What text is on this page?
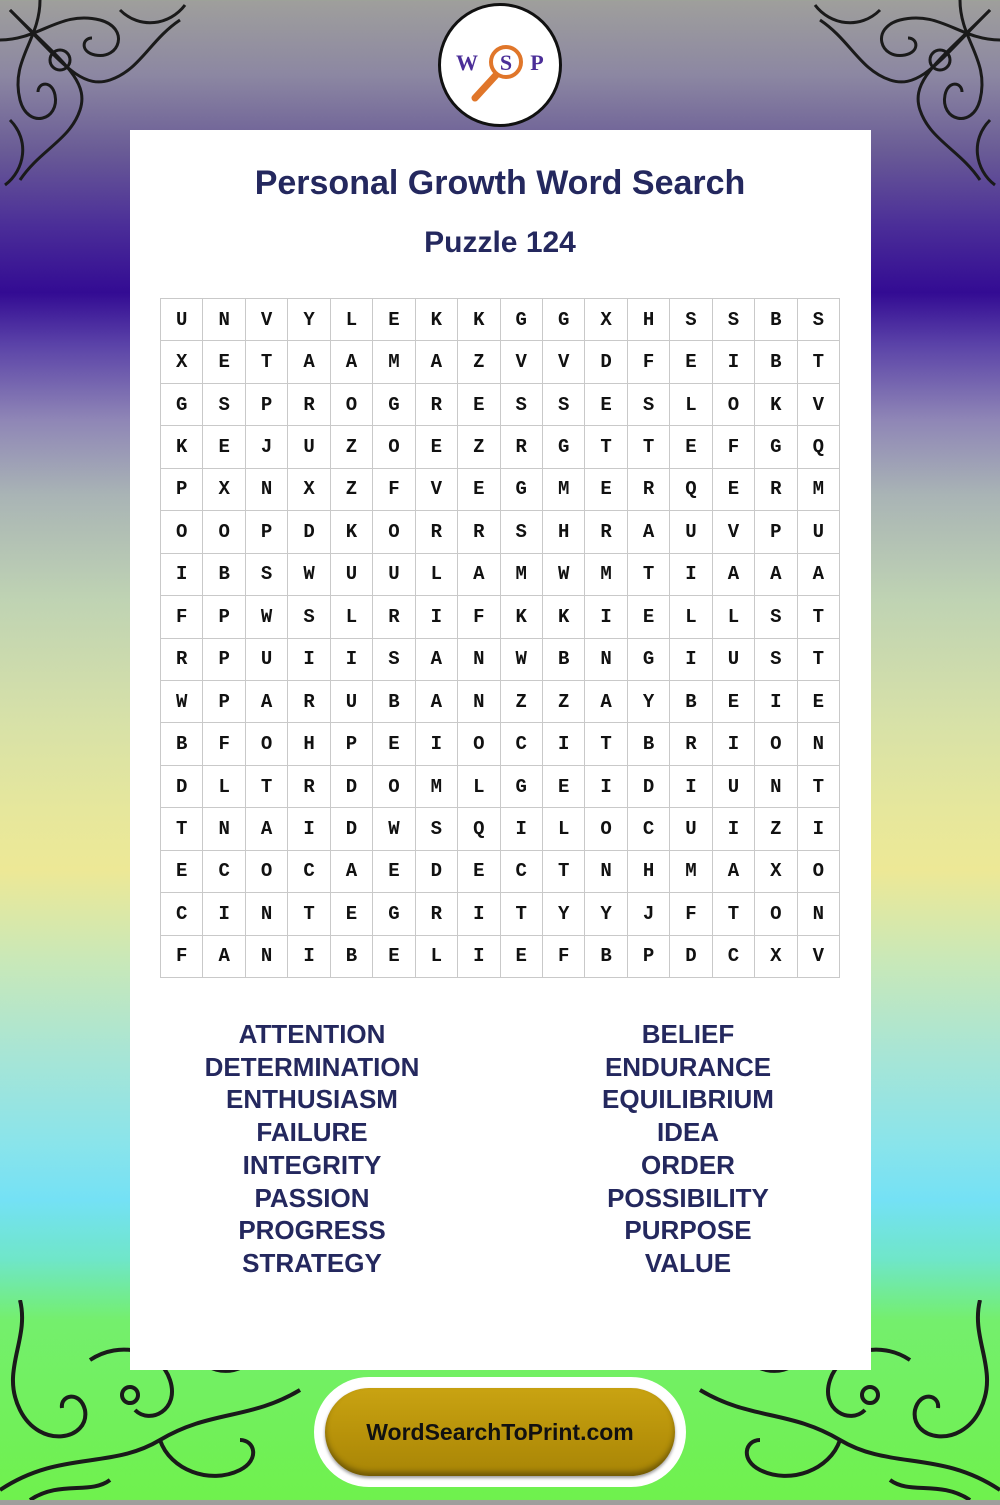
W S P
Personal Growth Word Search
Puzzle 124
U	N	V	Y	L	E	K	K	G	G	X	H	S	S	B	S
X	E	T	A	A	M	A	Z	V	V	D	F	E	I	B	T
G	S	P	R	O	G	R	E	S	S	E	S	L	O	K	V
K	E	J	U	Z	O	E	Z	R	G	T	T	E	F	G	Q
P	X	N	X	Z	F	V	E	G	M	E	R	Q	E	R	M
O	O	P	D	K	O	R	R	S	H	R	A	U	V	P	U
I	B	S	W	U	U	L	A	M	W	M	T	I	A	A	A
F	P	W	S	L	R	I	F	K	K	I	E	L	L	S	T
R	P	U	I	I	S	A	N	W	B	N	G	I	U	S	T
W	P	A	R	U	B	A	N	Z	Z	A	Y	B	E	I	E
B	F	O	H	P	E	I	O	C	I	T	B	R	I	O	N
D	L	T	R	D	O	M	L	G	E	I	D	I	U	N	T
T	N	A	I	D	W	S	Q	I	L	O	C	U	I	Z	I
E	C	O	C	A	E	D	E	C	T	N	H	M	A	X	O
C	I	N	T	E	G	R	I	T	Y	Y	J	F	T	O	N
F	A	N	I	B	E	L	I	E	F	B	P	D	C	X	V
ATTENTION
DETERMINATION
ENTHUSIASM
FAILURE
INTEGRITY
PASSION
PROGRESS
STRATEGY
BELIEF
ENDURANCE
EQUILIBRIUM
IDEA
ORDER
POSSIBILITY
PURPOSE
VALUE
WordSearchToPrint.com
